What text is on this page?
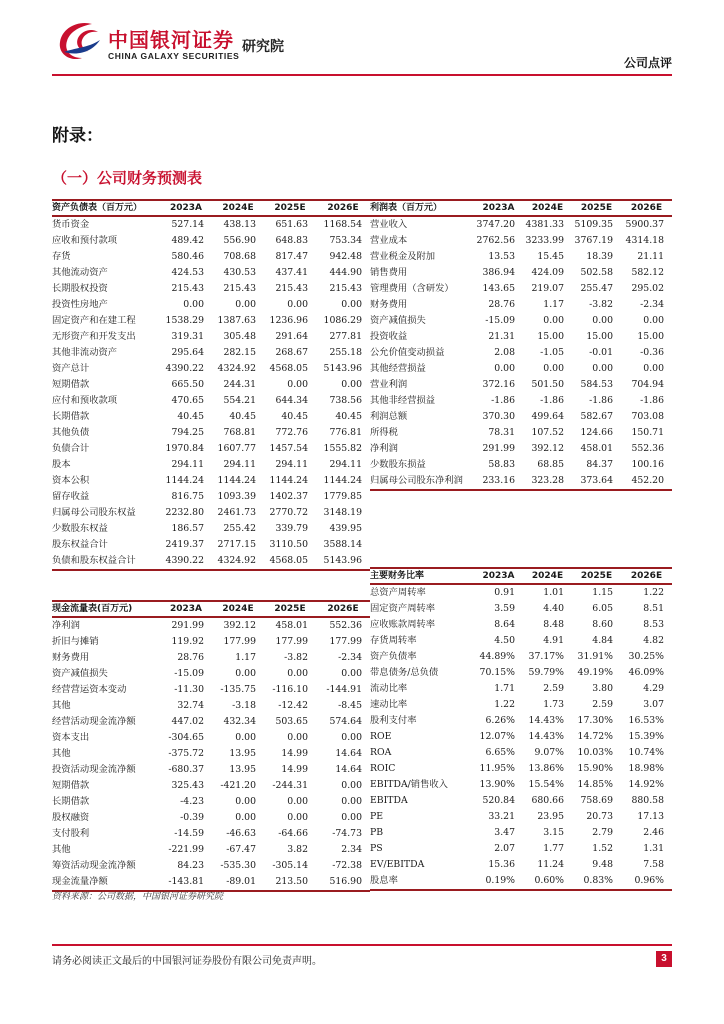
中国银河证券
CHINA GALAXY SECURITIES
研究院
公司点评
附录：
（一）公司财务预测表
资产负债表（百万元）	2023A	2024E	2025E	2026E
货币资金	527.14	438.13	651.63	1168.54
应收和预付款项	489.42	556.90	648.83	753.34
存货	580.46	708.68	817.47	942.48
其他流动资产	424.53	430.53	437.41	444.90
长期股权投资	215.43	215.43	215.43	215.43
投资性房地产	0.00	0.00	0.00	0.00
固定资产和在建工程	1538.29	1387.63	1236.96	1086.29
无形资产和开发支出	319.31	305.48	291.64	277.81
其他非流动资产	295.64	282.15	268.67	255.18
资产总计	4390.22	4324.92	4568.05	5143.96
短期借款	665.50	244.31	0.00	0.00
应付和预收款项	470.65	554.21	644.34	738.56
长期借款	40.45	40.45	40.45	40.45
其他负债	794.25	768.81	772.76	776.81
负债合计	1970.84	1607.77	1457.54	1555.82
股本	294.11	294.11	294.11	294.11
资本公积	1144.24	1144.24	1144.24	1144.24
留存收益	816.75	1093.39	1402.37	1779.85
归属母公司股东权益	2232.80	2461.73	2770.72	3148.19
少数股东权益	186.57	255.42	339.79	439.95
股东权益合计	2419.37	2717.15	3110.50	3588.14
负债和股东权益合计	4390.22	4324.92	4568.05	5143.96
利润表（百万元）	2023A	2024E	2025E	2026E
营业收入	3747.20	4381.33	5109.35	5900.37
营业成本	2762.56	3233.99	3767.19	4314.18
营业税金及附加	13.53	15.45	18.39	21.11
销售费用	386.94	424.09	502.58	582.12
管理费用（含研发）	143.65	219.07	255.47	295.02
财务费用	28.76	1.17	-3.82	-2.34
资产减值损失	-15.09	0.00	0.00	0.00
投资收益	21.31	15.00	15.00	15.00
公允价值变动损益	2.08	-1.05	-0.01	-0.36
其他经营损益	0.00	0.00	0.00	0.00
营业利润	372.16	501.50	584.53	704.94
其他非经营损益	-1.86	-1.86	-1.86	-1.86
利润总额	370.30	499.64	582.67	703.08
所得税	78.31	107.52	124.66	150.71
净利润	291.99	392.12	458.01	552.36
少数股东损益	58.83	68.85	84.37	100.16
归属母公司股东净利润	233.16	323.28	373.64	452.20
现金流量表(百万元)	2023A	2024E	2025E	2026E
净利润	291.99	392.12	458.01	552.36
折旧与摊销	119.92	177.99	177.99	177.99
财务费用	28.76	1.17	-3.82	-2.34
资产减值损失	-15.09	0.00	0.00	0.00
经营营运资本变动	-11.30	-135.75	-116.10	-144.91
其他	32.74	-3.18	-12.42	-8.45
经营活动现金流净额	447.02	432.34	503.65	574.64
资本支出	-304.65	0.00	0.00	0.00
其他	-375.72	13.95	14.99	14.64
投资活动现金流净额	-680.37	13.95	14.99	14.64
短期借款	325.43	-421.20	-244.31	0.00
长期借款	-4.23	0.00	0.00	0.00
股权融资	-0.39	0.00	0.00	0.00
支付股利	-14.59	-46.63	-64.66	-74.73
其他	-221.99	-67.47	3.82	2.34
筹资活动现金流净额	84.23	-535.30	-305.14	-72.38
现金流量净额	-143.81	-89.01	213.50	516.90
主要财务比率	2023A	2024E	2025E	2026E
总资产周转率	0.91	1.01	1.15	1.22
固定资产周转率	3.59	4.40	6.05	8.51
应收账款周转率	8.64	8.48	8.60	8.53
存货周转率	4.50	4.91	4.84	4.82
资产负债率	44.89%	37.17%	31.91%	30.25%
带息债务/总负债	70.15%	59.79%	49.19%	46.09%
流动比率	1.71	2.59	3.80	4.29
速动比率	1.22	1.73	2.59	3.07
股利支付率	6.26%	14.43%	17.30%	16.53%
ROE	12.07%	14.43%	14.72%	15.39%
ROA	6.65%	9.07%	10.03%	10.74%
ROIC	11.95%	13.86%	15.90%	18.98%
EBITDA/销售收入	13.90%	15.54%	14.85%	14.92%
EBITDA	520.84	680.66	758.69	880.58
PE	33.21	23.95	20.73	17.13
PB	3.47	3.15	2.79	2.46
PS	2.07	1.77	1.52	1.31
EV/EBITDA	15.36	11.24	9.48	7.58
股息率	0.19%	0.60%	0.83%	0.96%
资料来源：公司数据，中国银河证券研究院
请务必阅读正文最后的中国银河证券股份有限公司免责声明。	3
